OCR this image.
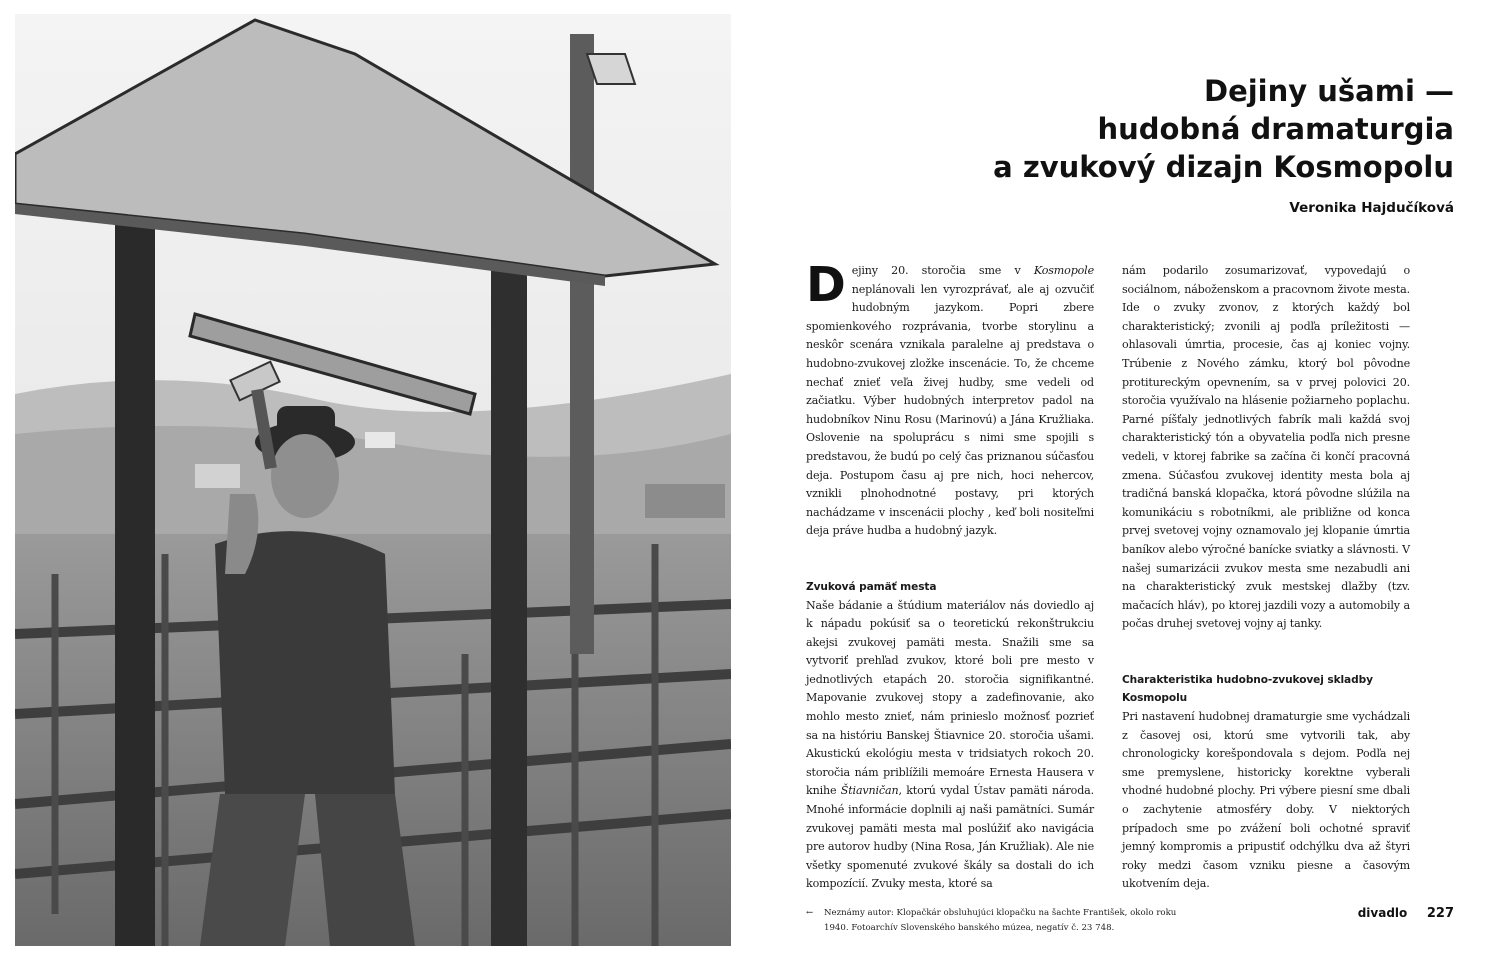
Dejiny ušami —
hudobná dramaturgia
a zvukový dizajn Kosmopolu
Veronika Hajdučíková

Dejiny 20. storočia sme v Kosmopole neplánovali len vyrozprávať, ale aj ozvučiť hudobným jazykom. Popri zbere spomienkového rozprávania, tvorbe storylinu a neskôr scenára vznikala paralelne aj predstava o hudobno-zvukovej zložke inscenácie. To, že chceme nechať znieť veľa živej hudby, sme vedeli od začiatku. Výber hudobných interpretov padol na hudobníkov Ninu Rosu (Marinovú) a Jána Kružliaka. Oslovenie na spoluprácu s nimi sme spojili s predstavou, že budú po celý čas priznanou súčasťou deja. Postupom času aj pre nich, hoci nehercov, vznikli plnohodnotné postavy, pri ktorých nachádzame v inscenácii plochy , keď boli nositeľmi deja práve hudba a hudobný jazyk.

Zvuková pamäť mesta

Naše bádanie a štúdium materiálov nás doviedlo aj k nápadu pokúsiť sa o teoretickú rekonštrukciu akejsi zvukovej pamäti mesta. Snažili sme sa vytvoriť prehľad zvukov, ktoré boli pre mesto v jednotlivých etapách 20. storočia signifikantné. Mapovanie zvukovej stopy a zadefinovanie, ako mohlo mesto znieť, nám prinieslo možnosť pozrieť sa na históriu Banskej Štiavnice 20. storočia ušami. Akustickú ekológiu mesta v tridsiatych rokoch 20. storočia nám priblížili memoáre Ernesta Hausera v knihe Štiavničan, ktorú vydal Ústav pamäti národa. Mnohé informácie doplnili aj naši pamätníci. Sumár zvukovej pamäti mesta mal poslúžiť ako navigácia pre autorov hudby (Nina Rosa, Ján Kružliak). Ale nie všetky spomenuté zvukové škály sa dostali do ich kompozícií. Zvuky mesta, ktoré sa

nám podarilo zosumarizovať, vypovedajú o sociálnom, náboženskom a pracovnom živote mesta. Ide o zvuky zvonov, z ktorých každý bol charakteristický; zvonili aj podľa príležitosti — ohlasovali úmrtia, procesie, čas aj koniec vojny. Trúbenie z Nového zámku, ktorý bol pôvodne protitureckým opevnením, sa v prvej polovici 20. storočia využívalo na hlásenie požiarneho poplachu. Parné píšťaly jednotlivých fabrík mali každá svoj charakteristický tón a obyvatelia podľa nich presne vedeli, v ktorej fabrike sa začína či končí pracovná zmena. Súčasťou zvukovej identity mesta bola aj tradičná banská klopačka, ktorá pôvodne slúžila na komunikáciu s robotníkmi, ale približne od konca prvej svetovej vojny oznamovalo jej klopanie úmrtia baníkov alebo výročné banícke sviatky a slávnosti. V našej sumarizácii zvukov mesta sme nezabudli ani na charakteristický zvuk mestskej dlažby (tzv. mačacích hláv), po ktorej jazdili vozy a automobily a počas druhej svetovej vojny aj tanky.

Charakteristika hudobno-zvukovej skladby Kosmopolu

Pri nastavení hudobnej dramaturgie sme vychádzali z časovej osi, ktorú sme vytvorili tak, aby chronologicky korešpondovala s dejom. Podľa nej sme premyslene, historicky korektne vyberali vhodné hudobné plochy. Pri výbere piesní sme dbali o zachytenie atmosféry doby. V niektorých prípadoch sme po zvážení boli ochotné spraviť jemný kompromis a pripustiť odchýlku dva až štyri roky medzi časom vzniku piesne a časovým ukotvením deja.

←	Neznámy autor: Klopačkár obsluhujúci klopačku na šachte František, okolo roku 1940. Fotoarchív Slovenského banského múzea, negatív č. 23 748.
divadlo 227
